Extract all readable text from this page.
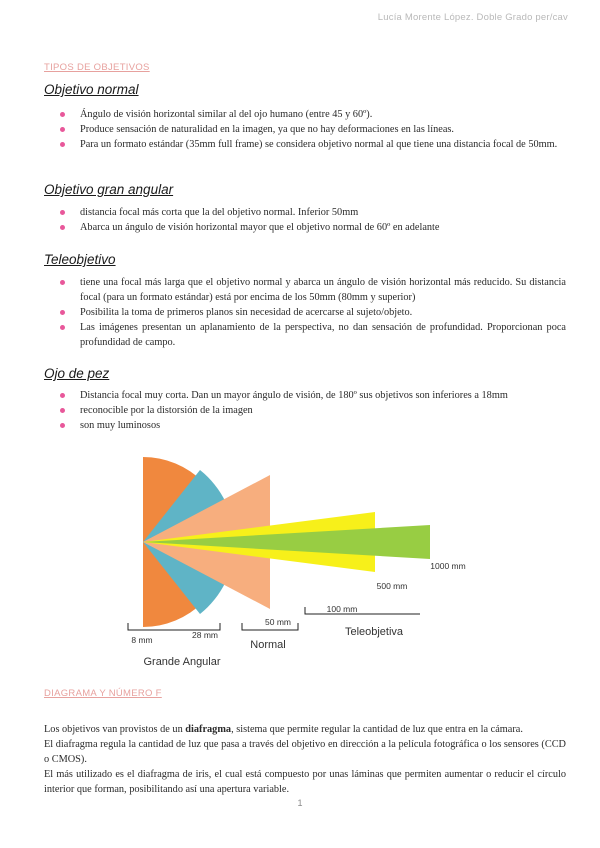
Lucía Morente López. Doble Grado per/cav
TIPOS DE OBJETIVOS
Objetivo normal
Ángulo de visión horizontal similar al del ojo humano (entre 45 y 60º).
Produce sensación de naturalidad en la imagen, ya que no hay deformaciones en las líneas.
Para un formato estándar (35mm full frame) se considera objetivo normal al que tiene una distancia focal de 50mm.
Objetivo gran angular
distancia focal más corta que la del objetivo normal. Inferior 50mm
Abarca un ángulo de visión horizontal mayor que el objetivo normal de 60º en adelante
Teleobjetivo
tiene una focal más larga que el objetivo normal y abarca un ángulo de visión horizontal más reducido. Su distancia focal (para un formato estándar) está por encima de los 50mm (80mm y superior)
Posibilita la toma de primeros planos sin necesidad de acercarse al sujeto/objeto.
Las imágenes presentan un aplanamiento de la perspectiva, no dan sensación de profundidad. Proporcionan poca profundidad de campo.
Ojo de pez
Distancia focal muy corta. Dan un mayor ángulo de visión, de 180º sus objetivos son inferiores a 18mm
reconocible por la distorsión de la imagen
son muy luminosos
8 mm	28 mm
50 mm
100 mm
500 mm
1000 mm
Grande Angular
Normal
Teleobjetiva
DIAGRAMA Y NÚMERO F

Los objetivos van provistos de un diafragma, sistema que permite regular la cantidad de luz que entra en la cámara.

El diafragma regula la cantidad de luz que pasa a través del objetivo en dirección a la película fotográfica o los sensores (CCD o CMOS).

El más utilizado es el diafragma de iris, el cual está compuesto por unas láminas que permiten aumentar o reducir el círculo interior que forman, posibilitando así una apertura variable.

1
